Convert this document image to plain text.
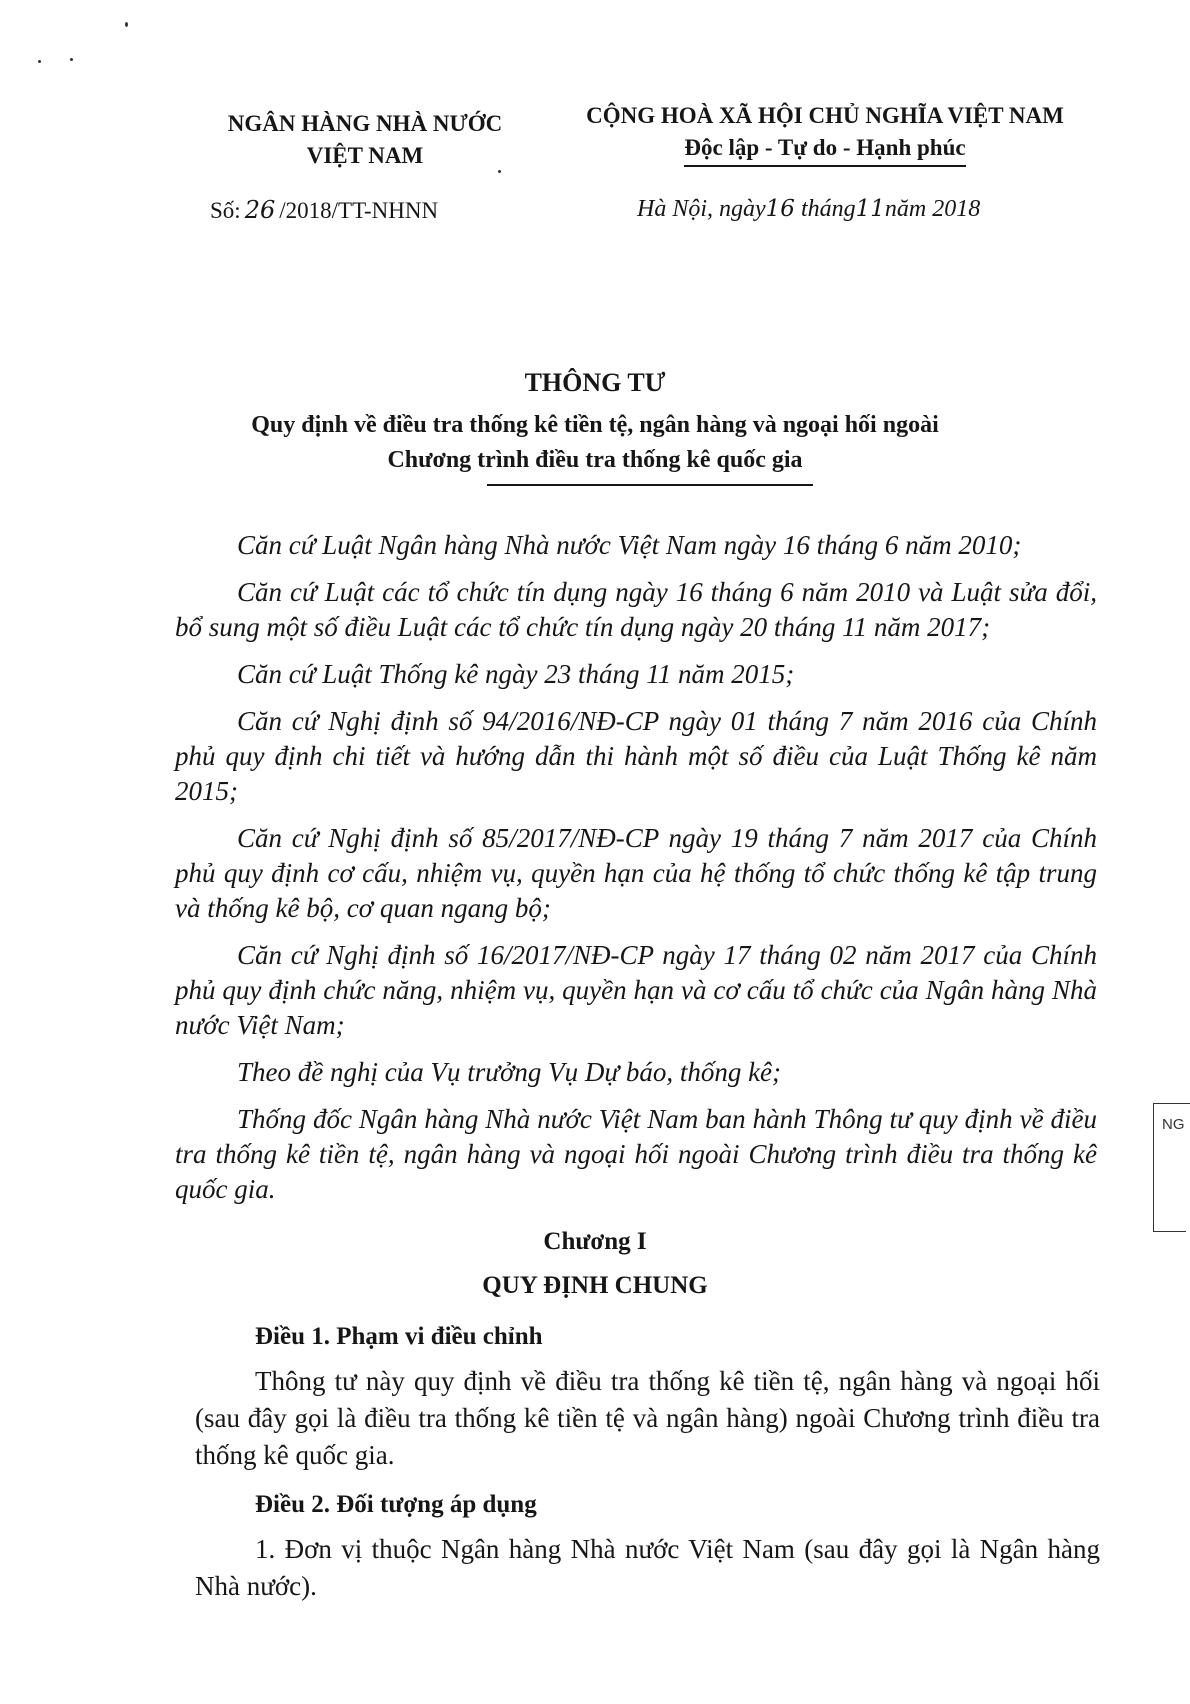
NGÂN HÀNG NHÀ NƯỚC
VIỆT NAM
CỘNG HOÀ XÃ HỘI CHỦ NGHĨA VIỆT NAM
Độc lập - Tự do - Hạnh phúc
Số: 26 /2018/TT-NHNN	Hà Nội, ngày16 tháng11năm 2018
THÔNG TƯ
Quy định về điều tra thống kê tiền tệ, ngân hàng và ngoại hối ngoài
Chương trình điều tra thống kê quốc gia

Căn cứ Luật Ngân hàng Nhà nước Việt Nam ngày 16 tháng 6 năm 2010;

Căn cứ Luật các tổ chức tín dụng ngày 16 tháng 6 năm 2010 và Luật sửa đổi, bổ sung một số điều Luật các tổ chức tín dụng ngày 20 tháng 11 năm 2017;

Căn cứ Luật Thống kê ngày 23 tháng 11 năm 2015;

Căn cứ Nghị định số 94/2016/NĐ-CP ngày 01 tháng 7 năm 2016 của Chính phủ quy định chi tiết và hướng dẫn thi hành một số điều của Luật Thống kê năm 2015;

Căn cứ Nghị định số 85/2017/NĐ-CP ngày 19 tháng 7 năm 2017 của Chính phủ quy định cơ cấu, nhiệm vụ, quyền hạn của hệ thống tổ chức thống kê tập trung và thống kê bộ, cơ quan ngang bộ;

Căn cứ Nghị định số 16/2017/NĐ-CP ngày 17 tháng 02 năm 2017 của Chính phủ quy định chức năng, nhiệm vụ, quyền hạn và cơ cấu tổ chức của Ngân hàng Nhà nước Việt Nam;

Theo đề nghị của Vụ trưởng Vụ Dự báo, thống kê;

Thống đốc Ngân hàng Nhà nước Việt Nam ban hành Thông tư quy định về điều tra thống kê tiền tệ, ngân hàng và ngoại hối ngoài Chương trình điều tra thống kê quốc gia.

Chương I
QUY ĐỊNH CHUNG
Điều 1. Phạm vi điều chỉnh

Thông tư này quy định về điều tra thống kê tiền tệ, ngân hàng và ngoại hối (sau đây gọi là điều tra thống kê tiền tệ và ngân hàng) ngoài Chương trình điều tra thống kê quốc gia.

Điều 2. Đối tượng áp dụng

1. Đơn vị thuộc Ngân hàng Nhà nước Việt Nam (sau đây gọi là Ngân hàng Nhà nước).

NG
